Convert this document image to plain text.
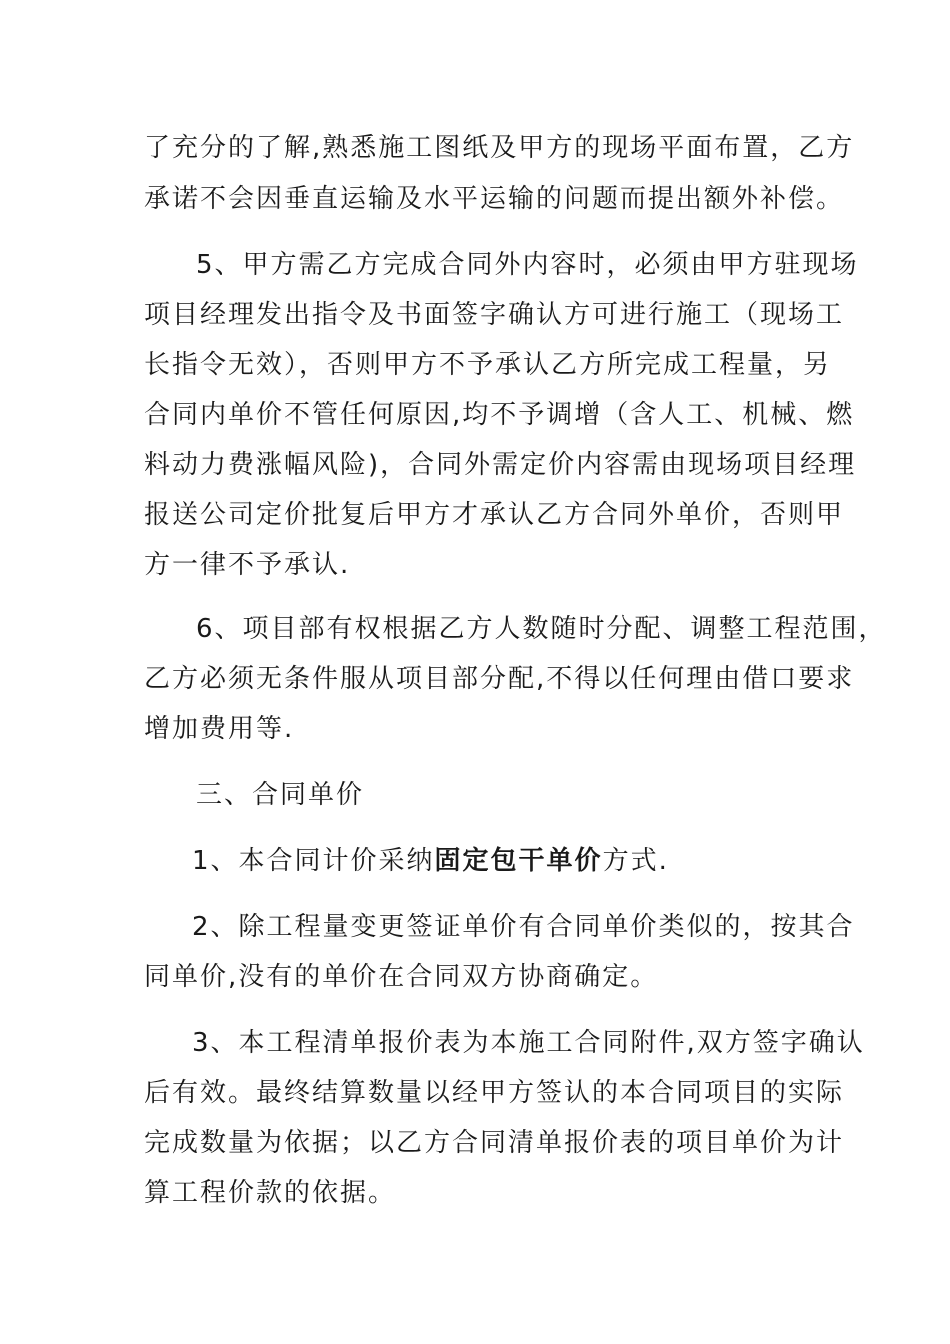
了充分的了解,熟悉施工图纸及甲方的现场平面布置，乙方
承诺不会因垂直运输及水平运输的问题而提出额外补偿。
5、甲方需乙方完成合同外内容时，必须由甲方驻现场
项目经理发出指令及书面签字确认方可进行施工（现场工
长指令无效），否则甲方不予承认乙方所完成工程量，另
合同内单价不管任何原因,均不予调增（含人工、机械、燃
料动力费涨幅风险)，合同外需定价内容需由现场项目经理
报送公司定价批复后甲方才承认乙方合同外单价，否则甲
方一律不予承认.
6、项目部有权根据乙方人数随时分配、调整工程范围，
乙方必须无条件服从项目部分配,不得以任何理由借口要求
增加费用等.
三、合同单价
1、本合同计价采纳固定包干单价方式.
2、除工程量变更签证单价有合同单价类似的，按其合
同单价,没有的单价在合同双方协商确定。
3、本工程清单报价表为本施工合同附件,双方签字确认
后有效。最终结算数量以经甲方签认的本合同项目的实际
完成数量为依据；以乙方合同清单报价表的项目单价为计
算工程价款的依据。
